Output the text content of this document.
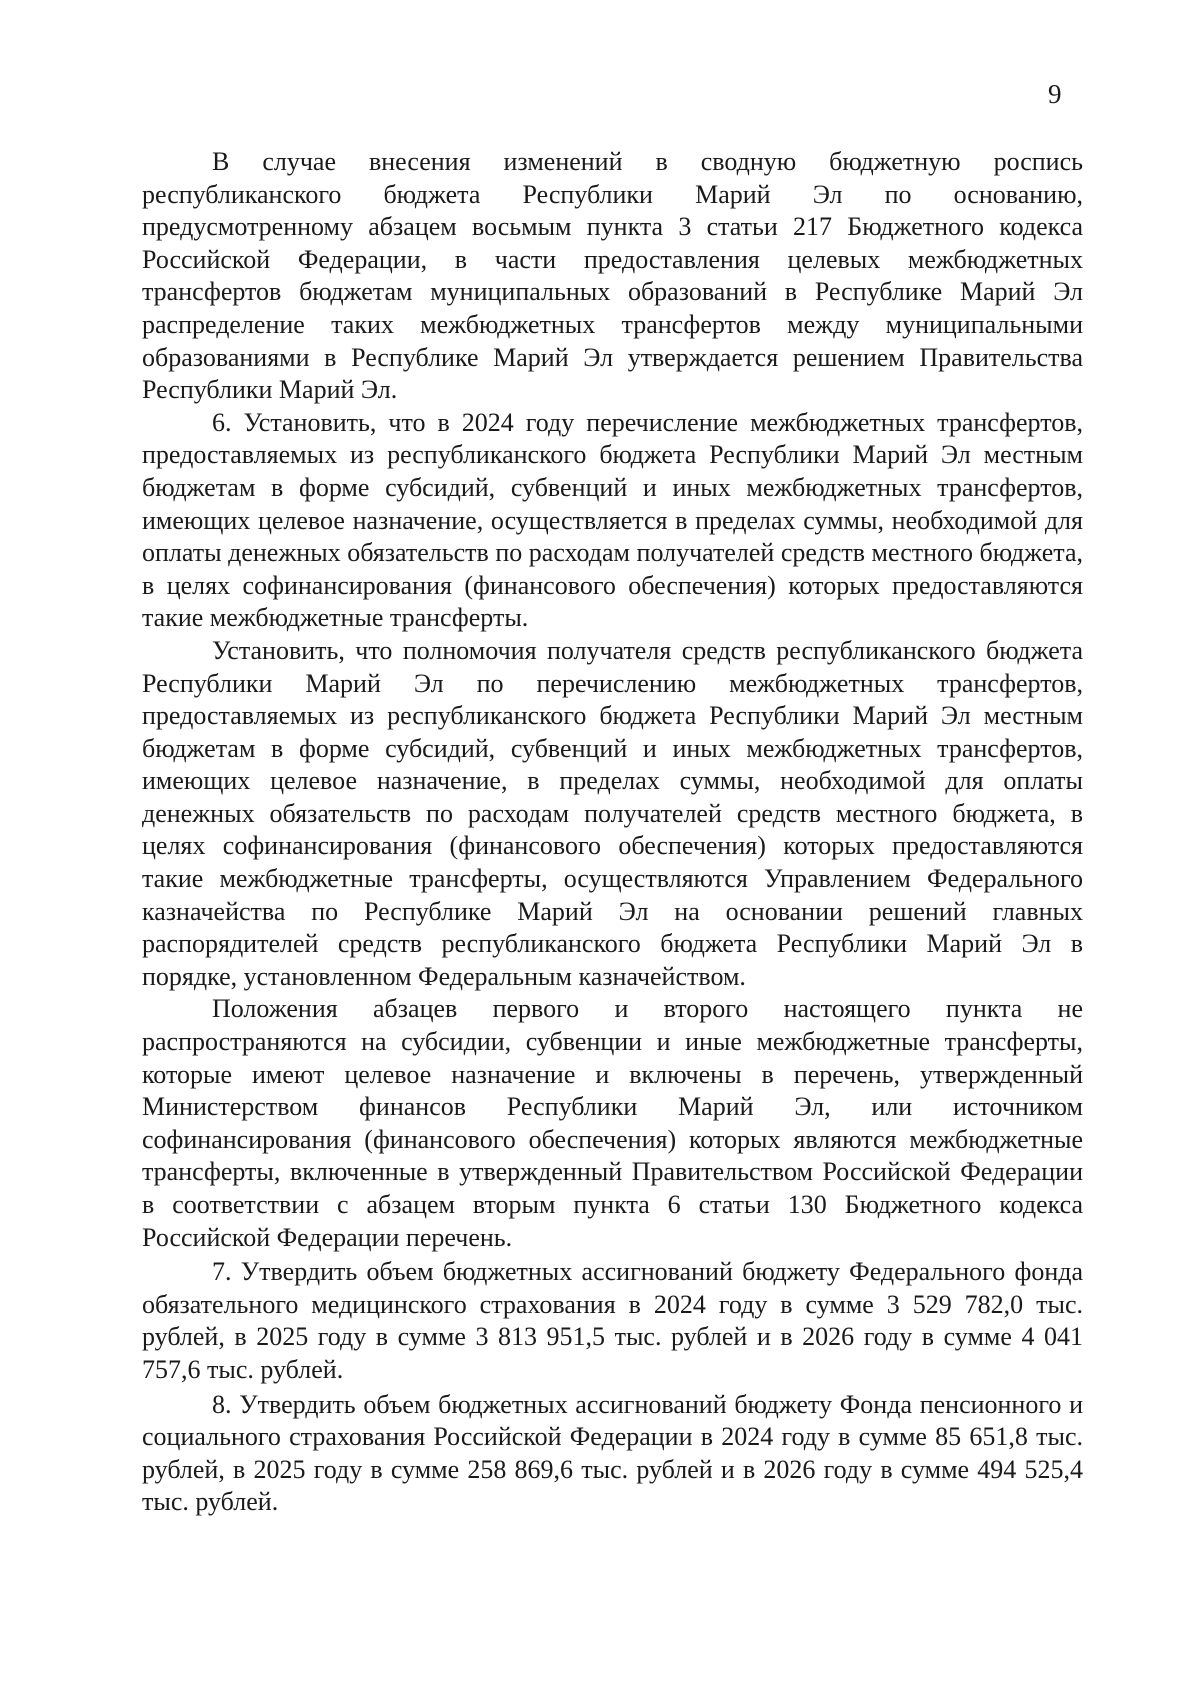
9

В случае внесения изменений в сводную бюджетную роспись республиканского бюджета Республики Марий Эл по основанию, предусмотренному абзацем восьмым пункта 3 статьи 217 Бюджетного кодекса Российской Федерации, в части предоставления целевых межбюджетных трансфертов бюджетам муниципальных образований в Республике Марий Эл распределение таких межбюджетных трансфертов между муниципальными образованиями в Республике Марий Эл утверждается решением Правительства Республики Марий Эл.

6. Установить, что в 2024 году перечисление межбюджетных трансфертов, предоставляемых из республиканского бюджета Республики Марий Эл местным бюджетам в форме субсидий, субвенций и иных межбюджетных трансфертов, имеющих целевое назначение, осуществляется в пределах суммы, необходимой для оплаты денежных обязательств по расходам получателей средств местного бюджета, в целях софинансирования (финансового обеспечения) которых предоставляются такие межбюджетные трансферты.

Установить, что полномочия получателя средств республиканского бюджета Республики Марий Эл по перечислению межбюджетных трансфертов, предоставляемых из республиканского бюджета Республики Марий Эл местным бюджетам в форме субсидий, субвенций и иных межбюджетных трансфертов, имеющих целевое назначение, в пределах суммы, необходимой для оплаты денежных обязательств по расходам получателей средств местного бюджета, в целях софинансирования (финансового обеспечения) которых предоставляются такие межбюджетные трансферты, осуществляются Управлением Федерального казначейства по Республике Марий Эл на основании решений главных распорядителей средств республиканского бюджета Республики Марий Эл в порядке, установленном Федеральным казначейством.

Положения абзацев первого и второго настоящего пункта не распространяются на субсидии, субвенции и иные межбюджетные трансферты, которые имеют целевое назначение и включены в перечень, утвержденный Министерством финансов Республики Марий Эл, или источником софинансирования (финансового обеспечения) которых являются межбюджетные трансферты, включенные в утвержденный Правительством Российской Федерации в соответствии с абзацем вторым пункта 6 статьи 130 Бюджетного кодекса Российской Федерации перечень.

7. Утвердить объем бюджетных ассигнований бюджету Федерального фонда обязательного медицинского страхования в 2024 году в сумме 3 529 782,0 тыс. рублей, в 2025 году в сумме 3 813 951,5 тыс. рублей и в 2026 году в сумме 4 041 757,6 тыс. рублей.

8. Утвердить объем бюджетных ассигнований бюджету Фонда пенсионного и социального страхования Российской Федерации в 2024 году в сумме 85 651,8 тыс. рублей, в 2025 году в сумме 258 869,6 тыс. рублей и в 2026 году в сумме 494 525,4 тыс. рублей.
